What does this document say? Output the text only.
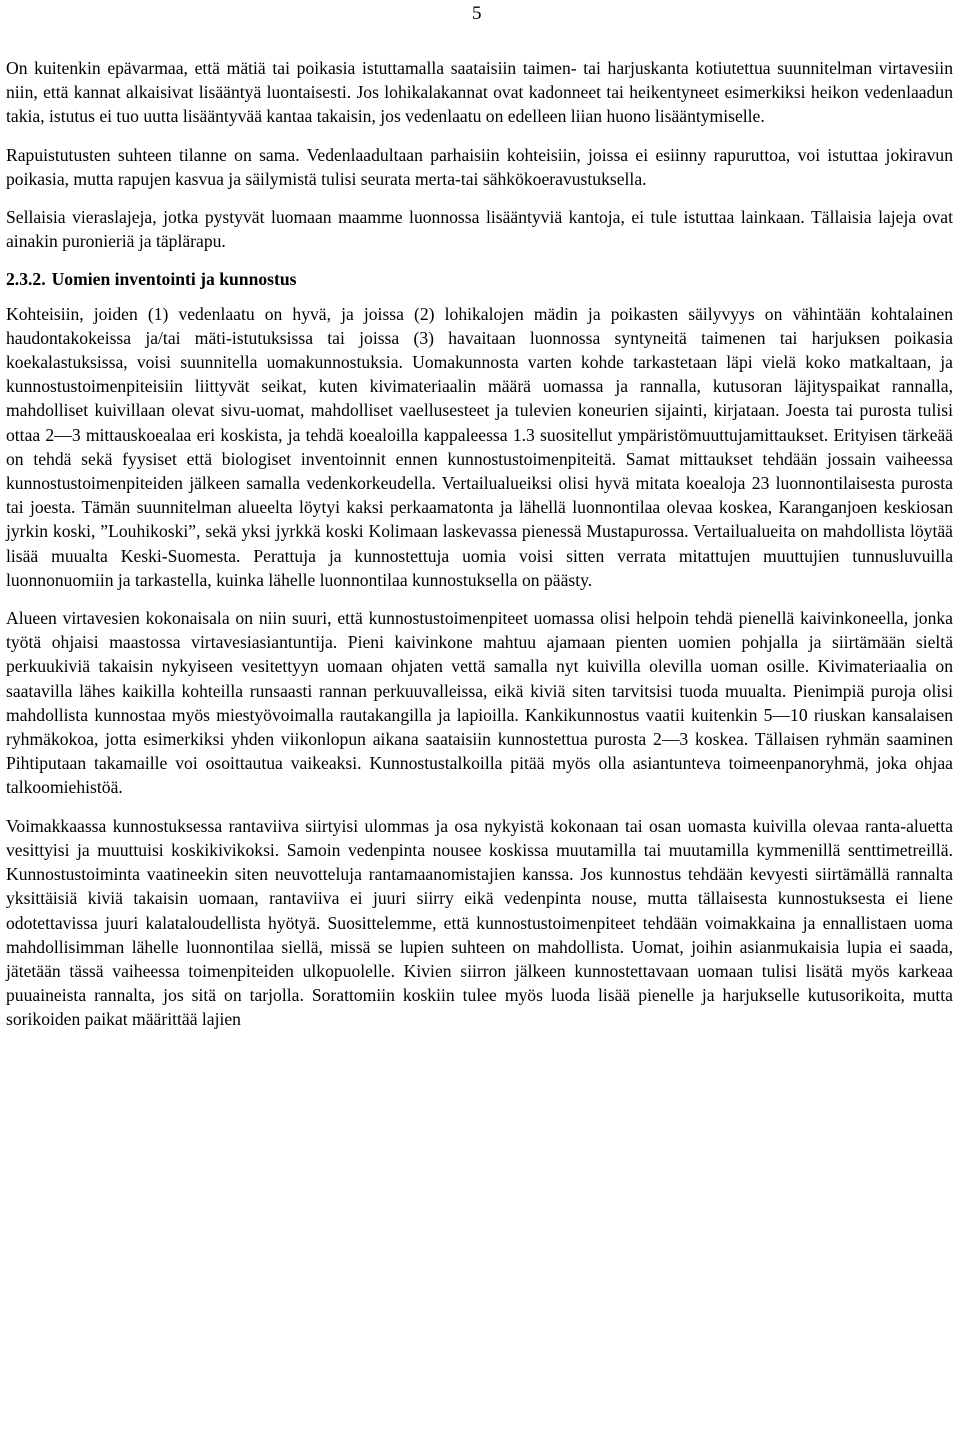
5

On kuitenkin epävarmaa, että mätiä tai poikasia istuttamalla saataisiin taimen- tai harjuskanta kotiutettua suunnitelman virtavesiin niin, että kannat alkaisivat lisääntyä luontaisesti. Jos lohikalakannat ovat kadonneet tai heikentyneet esimerkiksi heikon vedenlaadun takia, istutus ei tuo uutta lisääntyvää kantaa takaisin, jos vedenlaatu on edelleen liian huono lisääntymiselle.

Rapuistutusten suhteen tilanne on sama. Vedenlaadultaan parhaisiin kohteisiin, joissa ei esiinny rapuruttoa, voi istuttaa jokiravun poikasia, mutta rapujen kasvua ja säilymistä tulisi seurata merta-tai sähkökoeravustuksella.

Sellaisia vieraslajeja, jotka pystyvät luomaan maamme luonnossa lisääntyviä kantoja, ei tule istuttaa lainkaan. Tällaisia lajeja ovat ainakin puronieriä ja täplärapu.

2.3.2. Uomien inventointi ja kunnostus

Kohteisiin, joiden (1) vedenlaatu on hyvä, ja joissa (2) lohikalojen mädin ja poikasten säilyvyys on vähintään kohtalainen haudontakokeissa ja/tai mäti-istutuksissa tai joissa (3) havaitaan luonnossa syntyneitä taimenen tai harjuksen poikasia koekalastuksissa, voisi suunnitella uomakunnostuksia. Uomakunnosta varten kohde tarkastetaan läpi vielä koko matkaltaan, ja kunnostustoimenpiteisiin liittyvät seikat, kuten kivimateriaalin määrä uomassa ja rannalla, kutusoran läjityspaikat rannalla, mahdolliset kuivillaan olevat sivu-uomat, mahdolliset vaellusesteet ja tulevien koneurien sijainti, kirjataan. Joesta tai purosta tulisi ottaa 2—3 mittauskoealaa eri koskista, ja tehdä koealoilla kappaleessa 1.3 suositellut ympäristömuuttujamittaukset. Erityisen tärkeää on tehdä sekä fyysiset että biologiset inventoinnit ennen kunnostustoimenpiteitä. Samat mittaukset tehdään jossain vaiheessa kunnostustoimenpiteiden jälkeen samalla vedenkorkeudella. Vertailualueiksi olisi hyvä mitata koealoja 23 luonnontilaisesta purosta tai joesta. Tämän suunnitelman alueelta löytyi kaksi perkaamatonta ja lähellä luonnontilaa olevaa koskea, Karanganjoen keskiosan jyrkin koski, ”Louhikoski”, sekä yksi jyrkkä koski Kolimaan laskevassa pienessä Mustapurossa. Vertailualueita on mahdollista löytää lisää muualta Keski-Suomesta. Perattuja ja kunnostettuja uomia voisi sitten verrata mitattujen muuttujien tunnusluvuilla luonnonuomiin ja tarkastella, kuinka lähelle luonnontilaa kunnostuksella on päästy.

Alueen virtavesien kokonaisala on niin suuri, että kunnostustoimenpiteet uomassa olisi helpoin tehdä pienellä kaivinkoneella, jonka työtä ohjaisi maastossa virtavesiasiantuntija. Pieni kaivinkone mahtuu ajamaan pienten uomien pohjalla ja siirtämään sieltä perkuukiviä takaisin nykyiseen vesitettyyn uomaan ohjaten vettä samalla nyt kuivilla olevilla uoman osille. Kivimateriaalia on saatavilla lähes kaikilla kohteilla runsaasti rannan perkuuvalleissa, eikä kiviä siten tarvitsisi tuoda muualta. Pienimpiä puroja olisi mahdollista kunnostaa myös miestyövoimalla rautakangilla ja lapioilla. Kankikunnostus vaatii kuitenkin 5—10 riuskan kansalaisen ryhmäkokoa, jotta esimerkiksi yhden viikonlopun aikana saataisiin kunnostettua purosta 2—3 koskea. Tällaisen ryhmän saaminen Pihtiputaan takamaille voi osoittautua vaikeaksi. Kunnostustalkoilla pitää myös olla asiantunteva toimeenpanoryhmä, joka ohjaa talkoomiehistöä.

Voimakkaassa kunnostuksessa rantaviiva siirtyisi ulommas ja osa nykyistä kokonaan tai osan uomasta kuivilla olevaa ranta-aluetta vesittyisi ja muuttuisi koskikivikoksi. Samoin vedenpinta nousee koskissa muutamilla tai muutamilla kymmenillä senttimetreillä. Kunnostustoiminta vaatineekin siten neuvotteluja rantamaanomistajien kanssa. Jos kunnostus tehdään kevyesti siirtämällä rannalta yksittäisiä kiviä takaisin uomaan, rantaviiva ei juuri siirry eikä vedenpinta nouse, mutta tällaisesta kunnostuksesta ei liene odotettavissa juuri kalataloudellista hyötyä. Suosittelemme, että kunnostustoimenpiteet tehdään voimakkaina ja ennallistaen uoma mahdollisimman lähelle luonnontilaa siellä, missä se lupien suhteen on mahdollista. Uomat, joihin asianmukaisia lupia ei saada, jätetään tässä vaiheessa toimenpiteiden ulkopuolelle. Kivien siirron jälkeen kunnostettavaan uomaan tulisi lisätä myös karkeaa puuaineista rannalta, jos sitä on tarjolla. Sorattomiin koskiin tulee myös luoda lisää pienelle ja harjukselle kutusorikoita, mutta sorikoiden paikat määrittää lajien
